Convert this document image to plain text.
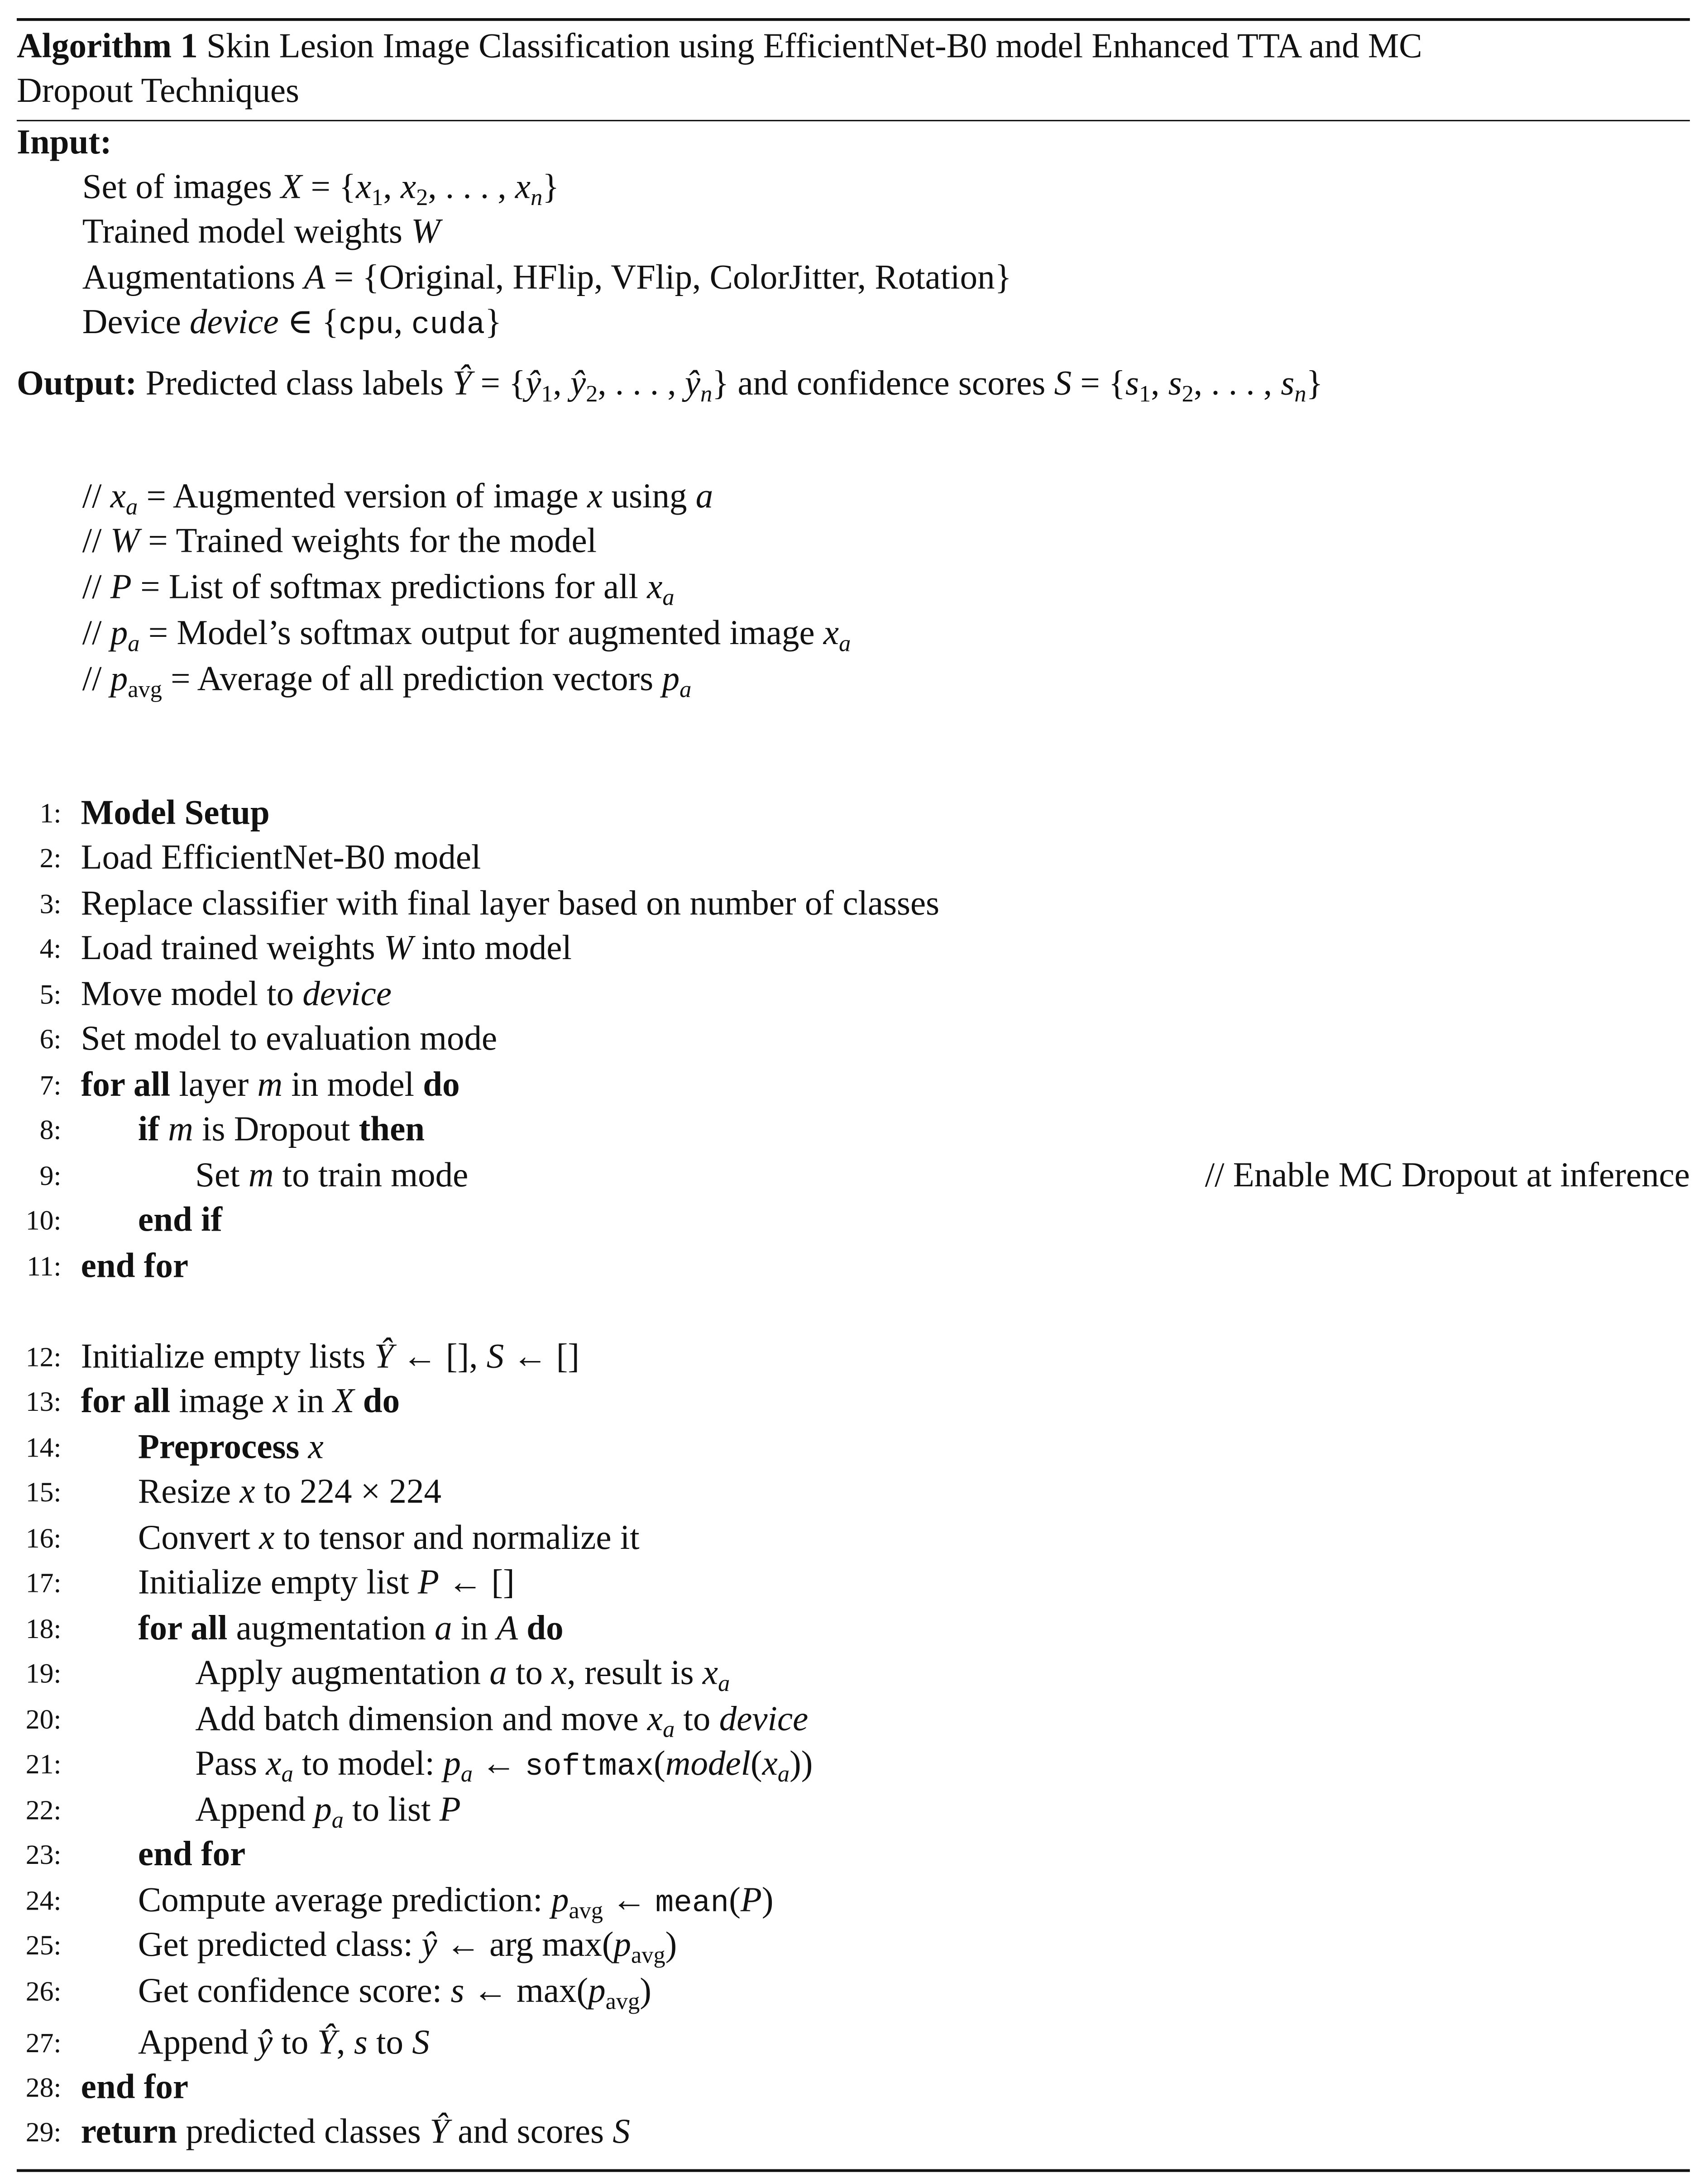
Algorithm 1 Skin Lesion Image Classification using EfficientNet-B0 model Enhanced TTA and MC
Dropout Techniques
Input:
Set of images $X = \{x_1$, $x_2$, . . . , $x_n$}
Trained model weights W
Augmentations A = {Original, HFlip, VFlip, ColorJitter, Rotation}
Device device ∈ {cpu, cuda}
Output: Predicted class labels Ŷ = {$ŷ_1$, $ŷ_2$, . . . , $ŷ_n$} and confidence scores $S = \{s_1$, $s_2$, . . . , $s_n$}
// $x_a$ = Augmented version of image x using a
// W = Trained weights for the model
// P = List of softmax predictions for all $x_a$
// $p_a$ = Model’s softmax output for augmented image $x_a$
// $p_{avg}$ = Average of all prediction vectors $p_a$
1: Model Setup
2: Load EfficientNet-B0 model
3: Replace classifier with final layer based on number of classes
4: Load trained weights W into model
5: Move model to device
6: Set model to evaluation mode
7: for all layer m in model do
8:	if m is Dropout then
9:	Set m to train mode	// Enable MC Dropout at inference
10:	end if
11: end for
12: Initialize empty lists Ŷ ← [], S ← []
13: for all image x in X do
14:	Preprocess x
15:	Resize x to 224 × 224
16:	Convert x to tensor and normalize it
17:	Initialize empty list P ← []
18:	for all augmentation a in A do
19:	Apply augmentation a to x, result is $x_a$
20:	Add batch dimension and move $x_a$ to device
21:	Pass $x_a$ to model: $p_a$ ← $softmax(model(x_a))$
22:	Append $p_a$ to list P
23:	end for
24:	Compute average prediction: $p_{avg}$ ← mean(P)
25:	Get predicted class: ŷ ← arg $\max(p_{avg})$
26:	Get confidence score: s ← $\max(p_{avg})$
27:	Append ŷ to Ŷ, s to S
28: end for
29: return predicted classes Ŷ and scores S
